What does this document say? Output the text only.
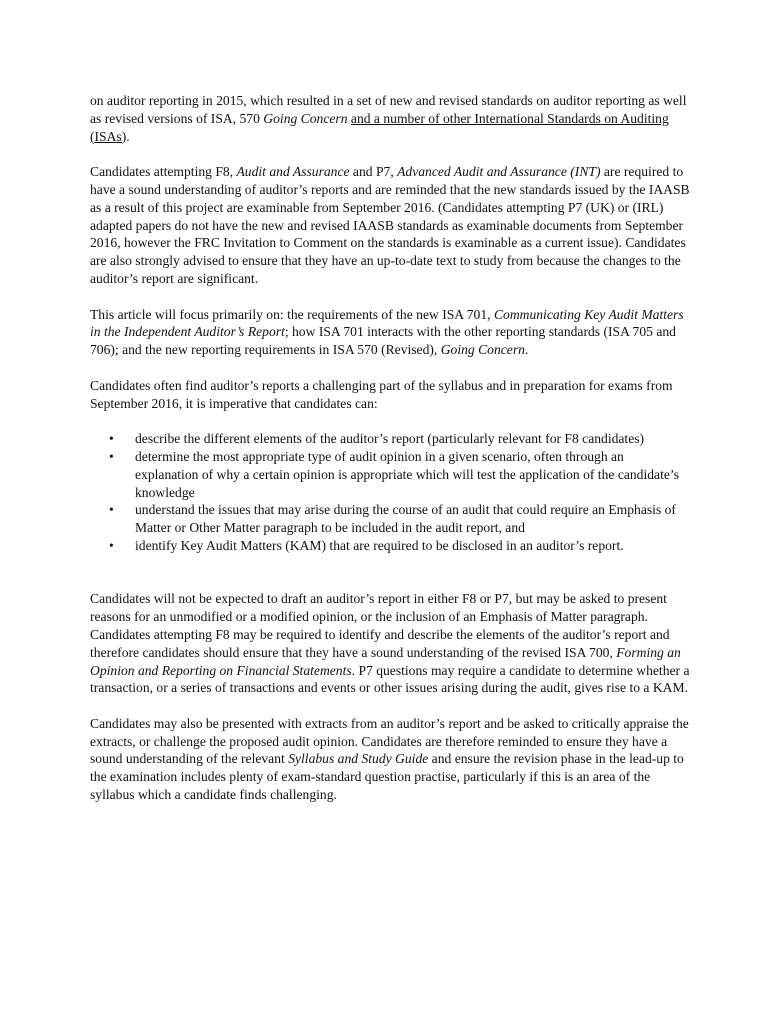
on auditor reporting in 2015, which resulted in a set of new and revised standards on auditor reporting as well as revised versions of ISA, 570 Going Concern and a number of other International Standards on Auditing (ISAs).

Candidates attempting F8, Audit and Assurance and P7, Advanced Audit and Assurance (INT) are required to have a sound understanding of auditor’s reports and are reminded that the new standards issued by the IAASB as a result of this project are examinable from September 2016. (Candidates attempting P7 (UK) or (IRL) adapted papers do not have the new and revised IAASB standards as examinable documents from September 2016, however the FRC Invitation to Comment on the standards is examinable as a current issue). Candidates are also strongly advised to ensure that they have an up-to-date text to study from because the changes to the auditor’s report are significant.

This article will focus primarily on: the requirements of the new ISA 701, Communicating Key Audit Matters in the Independent Auditor’s Report; how ISA 701 interacts with the other reporting standards (ISA 705 and 706); and the new reporting requirements in ISA 570 (Revised), Going Concern.

Candidates often find auditor’s reports a challenging part of the syllabus and in preparation for exams from September 2016, it is imperative that candidates can:

• describe the different elements of the auditor’s report (particularly relevant for F8 candidates)
• determine the most appropriate type of audit opinion in a given scenario, often through an explanation of why a certain opinion is appropriate which will test the application of the candidate’s knowledge
• understand the issues that may arise during the course of an audit that could require an Emphasis of Matter or Other Matter paragraph to be included in the audit report, and
• identify Key Audit Matters (KAM) that are required to be disclosed in an auditor’s report.

Candidates will not be expected to draft an auditor’s report in either F8 or P7, but may be asked to present reasons for an unmodified or a modified opinion, or the inclusion of an Emphasis of Matter paragraph. Candidates attempting F8 may be required to identify and describe the elements of the auditor’s report and therefore candidates should ensure that they have a sound understanding of the revised ISA 700, Forming an Opinion and Reporting on Financial Statements. P7 questions may require a candidate to determine whether a transaction, or a series of transactions and events or other issues arising during the audit, gives rise to a KAM.

Candidates may also be presented with extracts from an auditor’s report and be asked to critically appraise the extracts, or challenge the proposed audit opinion. Candidates are therefore reminded to ensure they have a sound understanding of the relevant Syllabus and Study Guide and ensure the revision phase in the lead-up to the examination includes plenty of exam-standard question practise, particularly if this is an area of the syllabus which a candidate finds challenging.
